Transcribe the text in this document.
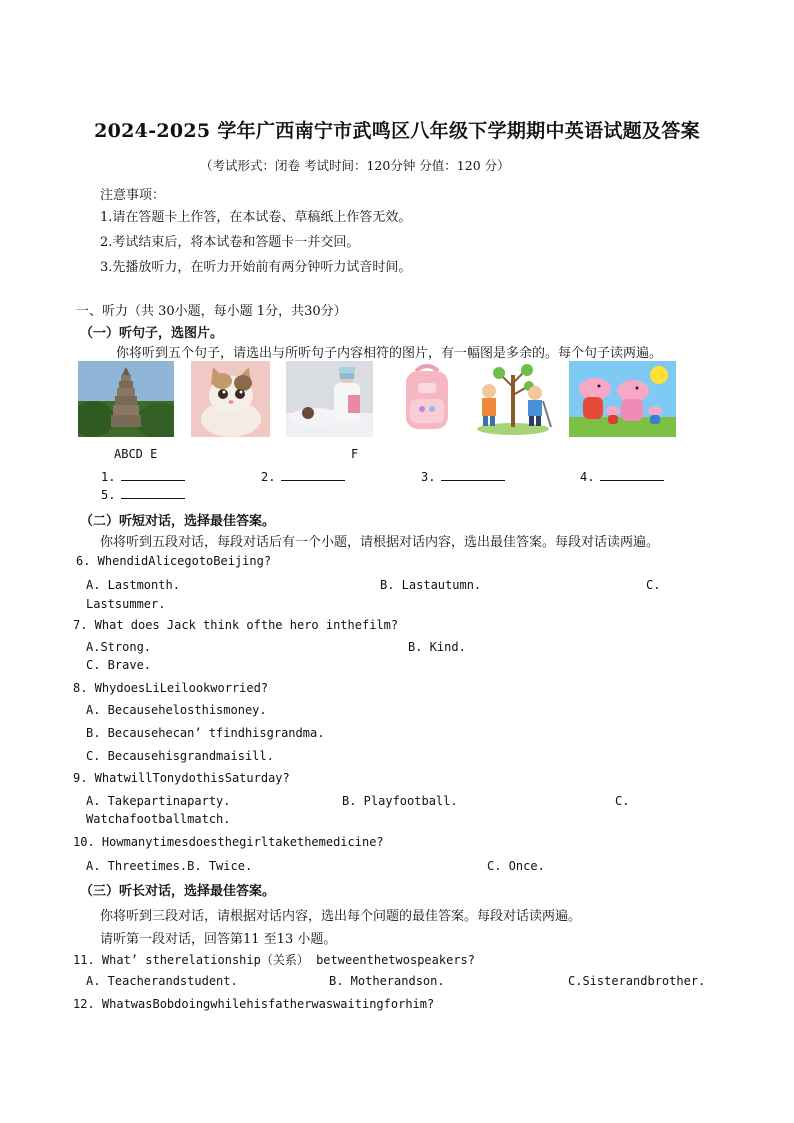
2024-2025 学年广西南宁市武鸣区八年级下学期期中英语试题及答案
（考试形式：闭卷 考试时间：120分钟 分值：120 分）
注意事项：
1.请在答题卡上作答，在本试卷、草稿纸上作答无效。
2.考试结束后，将本试卷和答题卡一并交回。
3.先播放听力，在听力开始前有两分钟听力试音时间。
一、听力（共 30小题，每小题 1分，共30分）
（一）听句子，选图片。
你将听到五个句子，请选出与所听句子内容相符的图片，有一幅图是多余的。每个句子读两遍。
ABCD E	F
1.	2.	3.	4.
5.
（二）听短对话，选择最佳答案。
你将听到五段对话，每段对话后有一个小题，请根据对话内容，选出最佳答案。每段对话读两遍。
6. WhendidAlicegotoBeijing?
A. Lastmonth.	B. Lastautumn.	C.
Lastsummer.
7. What does Jack think ofthe hero inthefilm?
A.Strong.	B. Kind.
C. Brave.
8. WhydoesLiLeilookworried?
A. Becausehelosthismoney.
B. Becausehecan’ tfindhisgrandma.
C. Becausehisgrandmaisill.
9. WhatwillTonydothisSaturday?
A. Takepartinaparty.	B. Playfootball.	C.
Watchafootballmatch.
10. Howmanytimesdoesthegirltakethemedicine?
A. Threetimes.B. Twice.	C. Once.
（三）听长对话，选择最佳答案。
你将听到三段对话，请根据对话内容，选出每个问题的最佳答案。每段对话读两遍。
请听第一段对话，回答第11 至13 小题。
11. What’ stherelationship（关系） betweenthetwospeakers?
A. Teacherandstudent.	B. Motherandson.	C.Sisterandbrother.
12. WhatwasBobdoingwhilehisfatherwaswaitingforhim?
